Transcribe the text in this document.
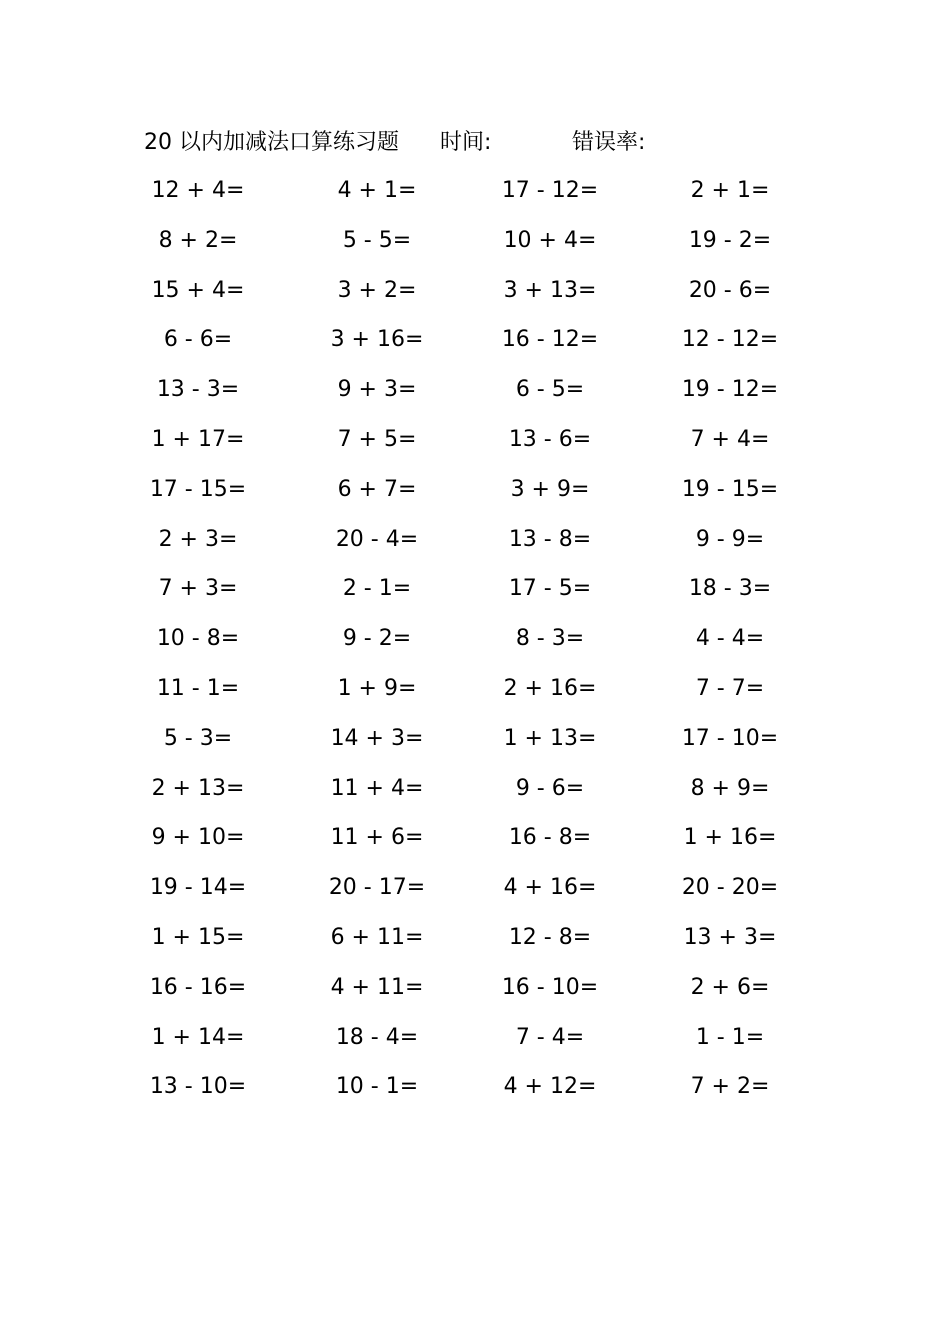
20 以内加减法口算练习题 时间:	错误率:
12 + 4=	4 + 1=	17 - 12=	2 + 1=
8 + 2=	5 - 5=	10 + 4=	19 - 2=
15 + 4=	3 + 2=	3 + 13=	20 - 6=
6 - 6=	3 + 16=	16 - 12=	12 - 12=
13 - 3=	9 + 3=	6 - 5=	19 - 12=
1 + 17=	7 + 5=	13 - 6=	7 + 4=
17 - 15=	6 + 7=	3 + 9=	19 - 15=
2 + 3=	20 - 4=	13 - 8=	9 - 9=
7 + 3=	2 - 1=	17 - 5=	18 - 3=
10 - 8=	9 - 2=	8 - 3=	4 - 4=
11 - 1=	1 + 9=	2 + 16=	7 - 7=
5 - 3=	14 + 3=	1 + 13=	17 - 10=
2 + 13=	11 + 4=	9 - 6=	8 + 9=
9 + 10=	11 + 6=	16 - 8=	1 + 16=
19 - 14=	20 - 17=	4 + 16=	20 - 20=
1 + 15=	6 + 11=	12 - 8=	13 + 3=
16 - 16=	4 + 11=	16 - 10=	2 + 6=
1 + 14=	18 - 4=	7 - 4=	1 - 1=
13 - 10=	10 - 1=	4 + 12=	7 + 2=
